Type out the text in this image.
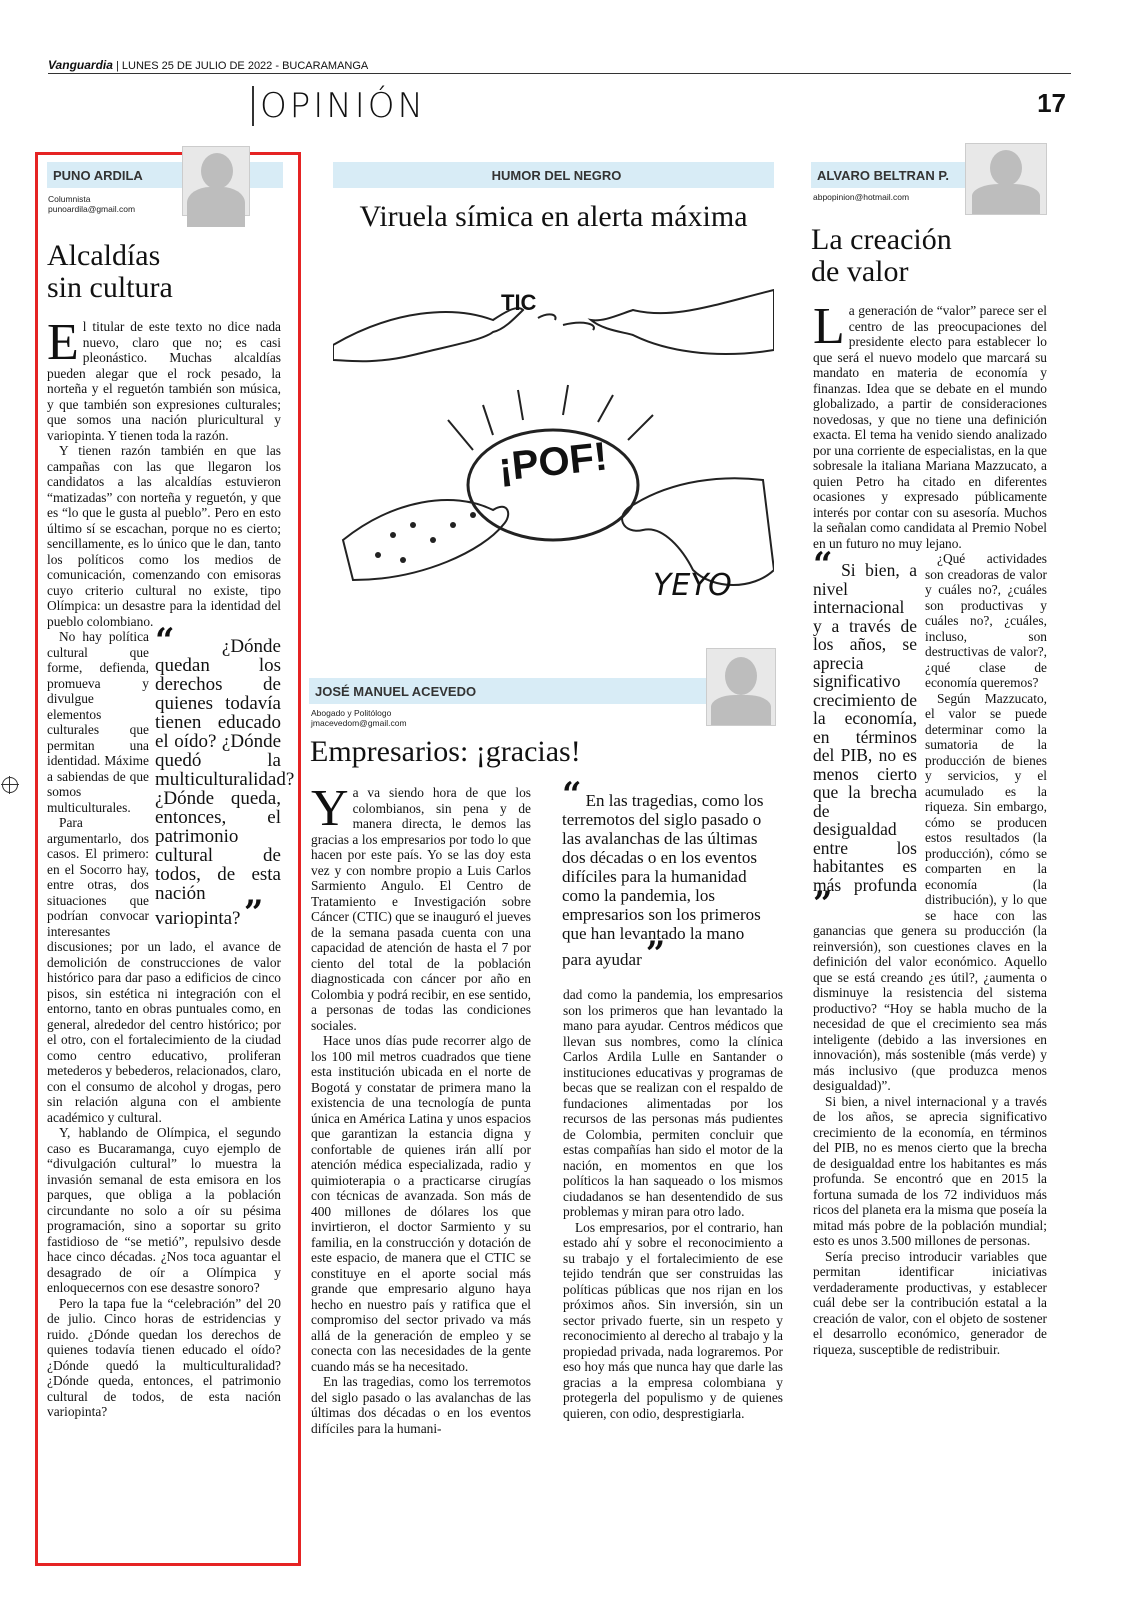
Vanguardia | LUNES 25 DE JULIO DE 2022 - BUCARAMANGA
OPINIÓN	17
PUNO ARDILA
Columnista
punoardila@gmail.com
Alcaldías
sin cultura

El titular de este texto no dice nada nuevo, claro que no; es casi pleonástico. Muchas alcaldías pueden alegar que el rock pesado, la norteña y el reguetón también son música, y que también son expresiones culturales; que somos una nación pluricultural y variopinta. Y tienen toda la razón.

Y tienen razón también en que las campañas con las que llegaron los candidatos a las alcaldías estuvieron “matizadas” con norteña y reguetón, y que es “lo que le gusta al pueblo”. Pero en esto último sí se escachan, porque no es cierto; sencillamente, es lo único que le dan, tanto los políticos como los medios de comunicación, comenzando con emisoras cuyo criterio cultural no existe, tipo Olímpica: un desastre para la identidad del pueblo colombiano. “ ¿Dónde quedan los derechos de quienes todavía tienen educado el oído? ¿Dónde quedó la multiculturalidad? ¿Dónde queda, entonces, el patrimonio cultural de todos, de esta nación variopinta? ”

No hay política cultural que forme, defienda, promueva y divulgue elementos culturales que permitan una identidad. Máxime a sabiendas de que somos multiculturales.

Para argumentarlo, dos casos. El primero: en el Socorro hay, entre otras, dos situaciones que podrían convocar interesantes discusiones; por un lado, el avance de demolición de construcciones de valor histórico para dar paso a edificios de cinco pisos, sin estética ni integración con el entorno, tanto en obras puntuales como, en general, alrededor del centro histórico; por el otro, con el fortalecimiento de la ciudad como centro educativo, proliferan metederos y bebederos, relacionados, claro, con el consumo de alcohol y drogas, pero sin relación alguna con el ambiente académico y cultural.

Y, hablando de Olímpica, el segundo caso es Bucaramanga, cuyo ejemplo de “divulgación cultural” lo muestra la invasión semanal de esta emisora en los parques, que obliga a la población circundante no solo a oír su pésima programación, sino a soportar su grito fastidioso de “se metió”, repulsivo desde hace cinco décadas. ¿Nos toca aguantar el desagrado de oír a Olímpica y enloquecernos con ese desastre sonoro?

Pero la tapa fue la “celebración” del 20 de julio. Cinco horas de estridencias y ruido. ¿Dónde quedan los derechos de quienes todavía tienen educado el oído? ¿Dónde quedó la multiculturalidad? ¿Dónde queda, entonces, el patrimonio cultural de todos, de esta nación variopinta?

HUMOR DEL NEGRO
Viruela símica en alerta máxima
TIC
¡POF!
YEYO
JOSÉ MANUEL ACEVEDO
Abogado y Politólogo
jmacevedom@gmail.com
Empresarios: ¡gracias!

Ya va siendo hora de que los colombianos, sin pena y de manera directa, le demos las gracias a los empresarios por todo lo que hacen por este país. Yo se las doy esta vez y con nombre propio a Luis Carlos Sarmiento Angulo. El Centro de Tratamiento e Investigación sobre Cáncer (CTIC) que se inauguró el jueves de la semana pasada cuenta con una capacidad de atención de hasta el 7 por ciento del total de la población diagnosticada con cáncer por año en Colombia y podrá recibir, en ese sentido, a personas de todas las condiciones sociales.

Hace unos días pude recorrer algo de los 100 mil metros cuadrados que tiene esta institución ubicada en el norte de Bogotá y constatar de primera mano la existencia de una tecnología de punta única en América Latina y unos espacios que garantizan la estancia digna y confortable de quienes irán allí por atención médica especializada, radio y quimioterapia o a practicarse cirugías con técnicas de avanzada. Son más de 400 millones de dólares los que invirtieron, el doctor Sarmiento y su familia, en la construcción y dotación de este espacio, de manera que el CTIC se constituye en el aporte social más grande que empresario alguno haya hecho en nuestro país y ratifica que el compromiso del sector privado va más allá de la generación de empleo y se conecta con las necesidades de la gente cuando más se ha necesitado.

En las tragedias, como los terremotos del siglo pasado o las avalanchas de las últimas dos décadas o en los eventos difíciles para la humani-

“ En las tragedias, como los terremotos del siglo pasado o las avalanchas de las últimas dos décadas o en los eventos difíciles para la humanidad como la pandemia, los empresarios son los primeros que han levantado la mano para ayudar ”

dad como la pandemia, los empresarios son los primeros que han levantado la mano para ayudar. Centros médicos que llevan sus nombres, como la clínica Carlos Ardila Lulle en Santander o instituciones educativas y programas de becas que se realizan con el respaldo de fundaciones alimentadas por los recursos de las personas más pudientes de Colombia, permiten concluir que estas compañías han sido el motor de la nación, en momentos en que los políticos la han saqueado o los mismos ciudadanos se han desentendido de sus problemas y miran para otro lado.

Los empresarios, por el contrario, han estado ahí y sobre el reconocimiento a su trabajo y el fortalecimiento de ese tejido tendrán que ser construidas las políticas públicas que nos rijan en los próximos años. Sin inversión, sin un sector privado fuerte, sin un respeto y reconocimiento al derecho al trabajo y la propiedad privada, nada lograremos. Por eso hoy más que nunca hay que darle las gracias a la empresa colombiana y protegerla del populismo y de quienes quieren, con odio, desprestigiarla.

ALVARO BELTRAN P.
abpopinion@hotmail.com
La creación
de valor

La generación de “valor” parece ser el centro de las preocupaciones del presidente electo para establecer lo que será el nuevo modelo que marcará su mandato en materia de economía y finanzas. Idea que se debate en el mundo globalizado, a partir de consideraciones novedosas, y que no tiene una definición exacta. El tema ha venido siendo analizado por una corriente de especialistas, en la que sobresale la italiana Mariana Mazzucato, a quien Petro ha citado en diferentes ocasiones y expresado públicamente interés por contar con su asesoría. Muchos la señalan como candidata al Premio Nobel en un futuro no muy lejano.

“ Si bien, a nivel internacional y a través de los años, se aprecia significativo crecimiento de la economía, en términos del PIB, no es menos cierto que la brecha de desigualdad entre los habitantes es más profunda ”

¿Qué actividades son creadoras de valor y cuáles no?, ¿cuáles son productivas y cuáles no?, ¿cuáles, incluso, son destructivas de valor?, ¿qué clase de economía queremos?

Según Mazzucato, el valor se puede determinar como la sumatoria de la producción de bienes y servicios, y el acumulado es la riqueza. Sin embargo, cómo se producen estos resultados (la producción), cómo se comparten en la economía (la distribución), y lo que se hace con las ganancias que genera su producción (la reinversión), son cuestiones claves en la definición del valor económico. Aquello que se está creando ¿es útil?, ¿aumenta o disminuye la resistencia del sistema productivo? “Hoy se habla mucho de la necesidad de que el crecimiento sea más inteligente (debido a las inversiones en innovación), más sostenible (más verde) y más inclusivo (que produzca menos desigualdad)”.

Si bien, a nivel internacional y a través de los años, se aprecia significativo crecimiento de la economía, en términos del PIB, no es menos cierto que la brecha de desigualdad entre los habitantes es más profunda. Se encontró que en 2015 la fortuna sumada de los 72 individuos más ricos del planeta era la misma que poseía la mitad más pobre de la población mundial; esto es unos 3.500 millones de personas.

Sería preciso introducir variables que permitan identificar iniciativas verdaderamente productivas, y establecer cuál debe ser la contribución estatal a la creación de valor, con el objeto de sostener el desarrollo económico, generador de riqueza, susceptible de redistribuir.
